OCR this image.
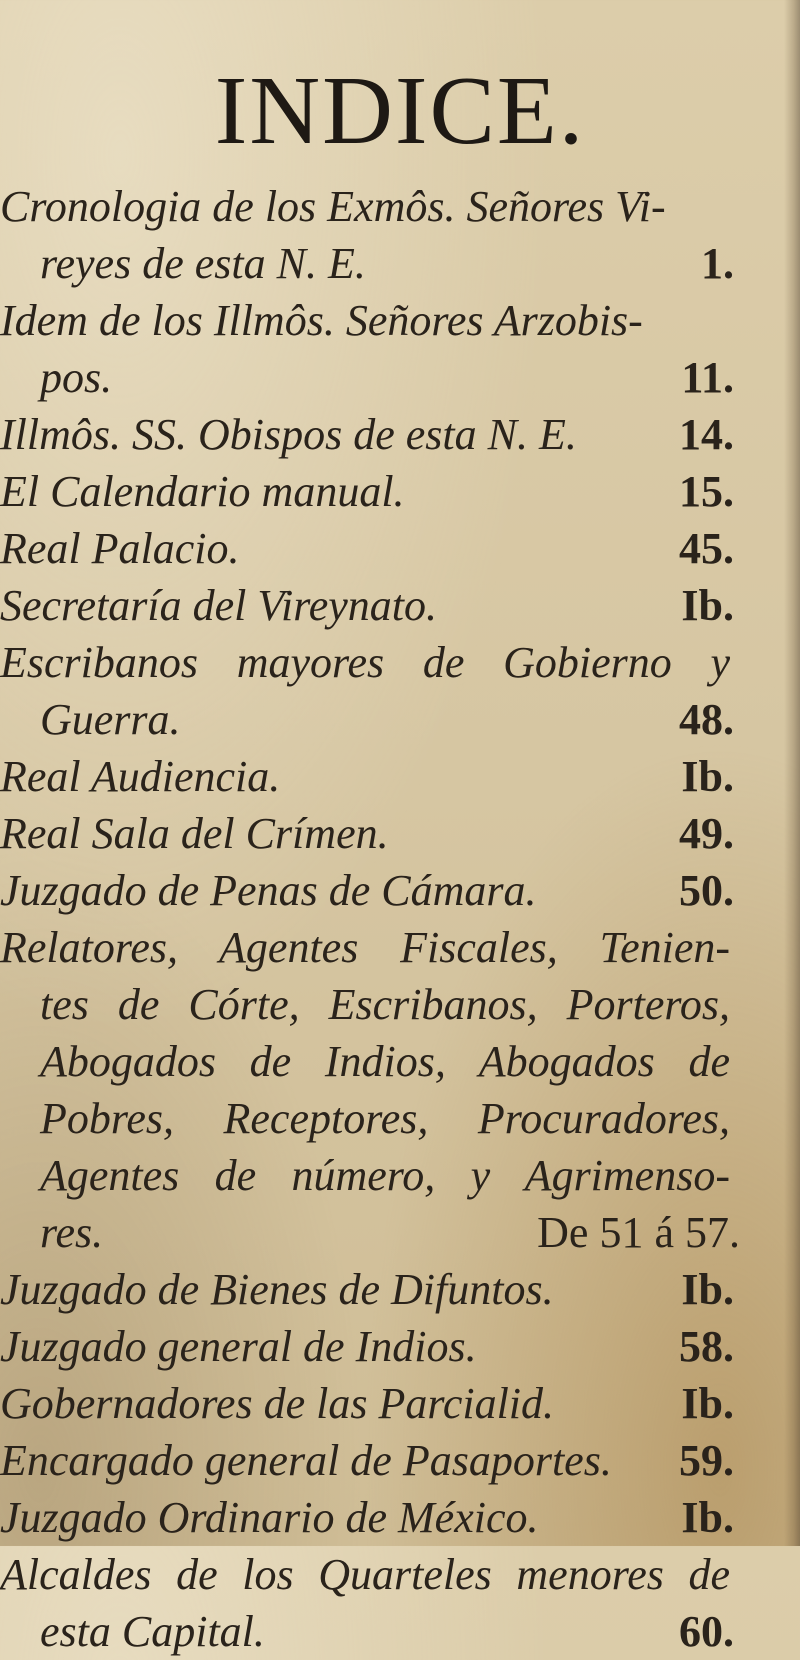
INDICE.
Cronologia de los Exmôs. Señores Vi-
reyes de esta N. E.	1.
Idem de los Illmôs. Señores Arzobis-
pos.	11.
Illmôs. SS. Obispos de esta N. E. 14.
El Calendario manual.	15.
Real Palacio.	45.
Secretaría del Vireynato.	Ib.
Escribanos mayores de Gobierno y
Guerra.	48.
Real Audiencia.	Ib.
Real Sala del Crímen.	49.
Juzgado de Penas de Cámara.	50.
Relatores, Agentes Fiscales, Tenien-
tes de Córte, Escribanos, Porteros,
Abogados de Indios, Abogados de
Pobres, Receptores, Procuradores,
Agentes de número, y Agrimenso-
res.	De 51 á 57.
Juzgado de Bienes de Difuntos.	Ib.
Juzgado general de Indios.	58.
Gobernadores de las Parcialid.	Ib.
Encargado general de Pasaportes. 59.
Juzgado Ordinario de México.	Ib.
Alcaldes de los Quarteles menores de
esta Capital.	60.
